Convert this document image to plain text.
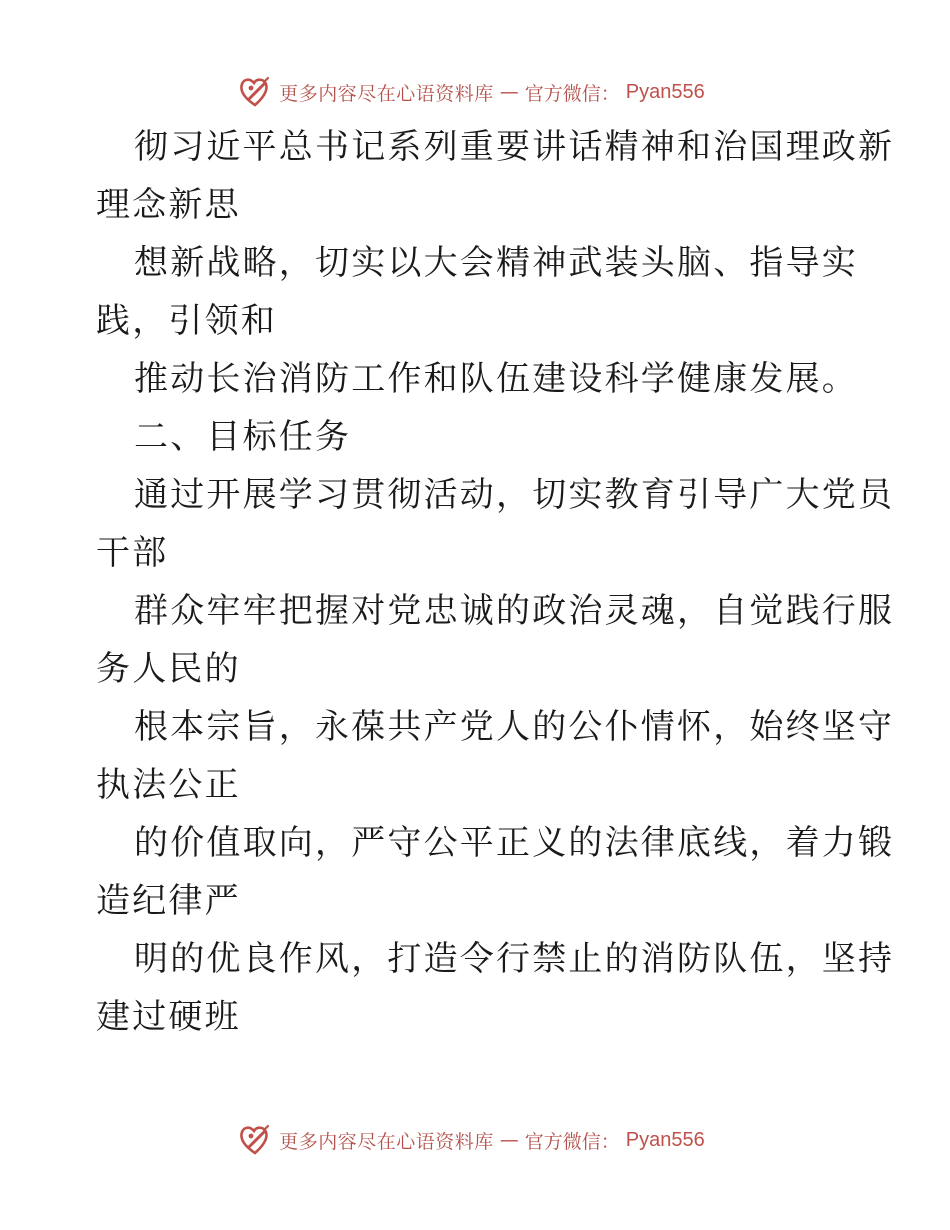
更多内容尽在心语资料库 — 官方微信： Pyan556
彻习近平总书记系列重要讲话精神和治国理政新
理念新思
想新战略，切实以大会精神武装头脑、指导实
践，引领和
推动长治消防工作和队伍建设科学健康发展。
二、目标任务
通过开展学习贯彻活动，切实教育引导广大党员
干部
群众牢牢把握对党忠诚的政治灵魂，自觉践行服
务人民的
根本宗旨，永葆共产党人的公仆情怀，始终坚守
执法公正
的价值取向，严守公平正义的法律底线，着力锻
造纪律严
明的优良作风，打造令行禁止的消防队伍，坚持
建过硬班
更多内容尽在心语资料库 — 官方微信： Pyan556
